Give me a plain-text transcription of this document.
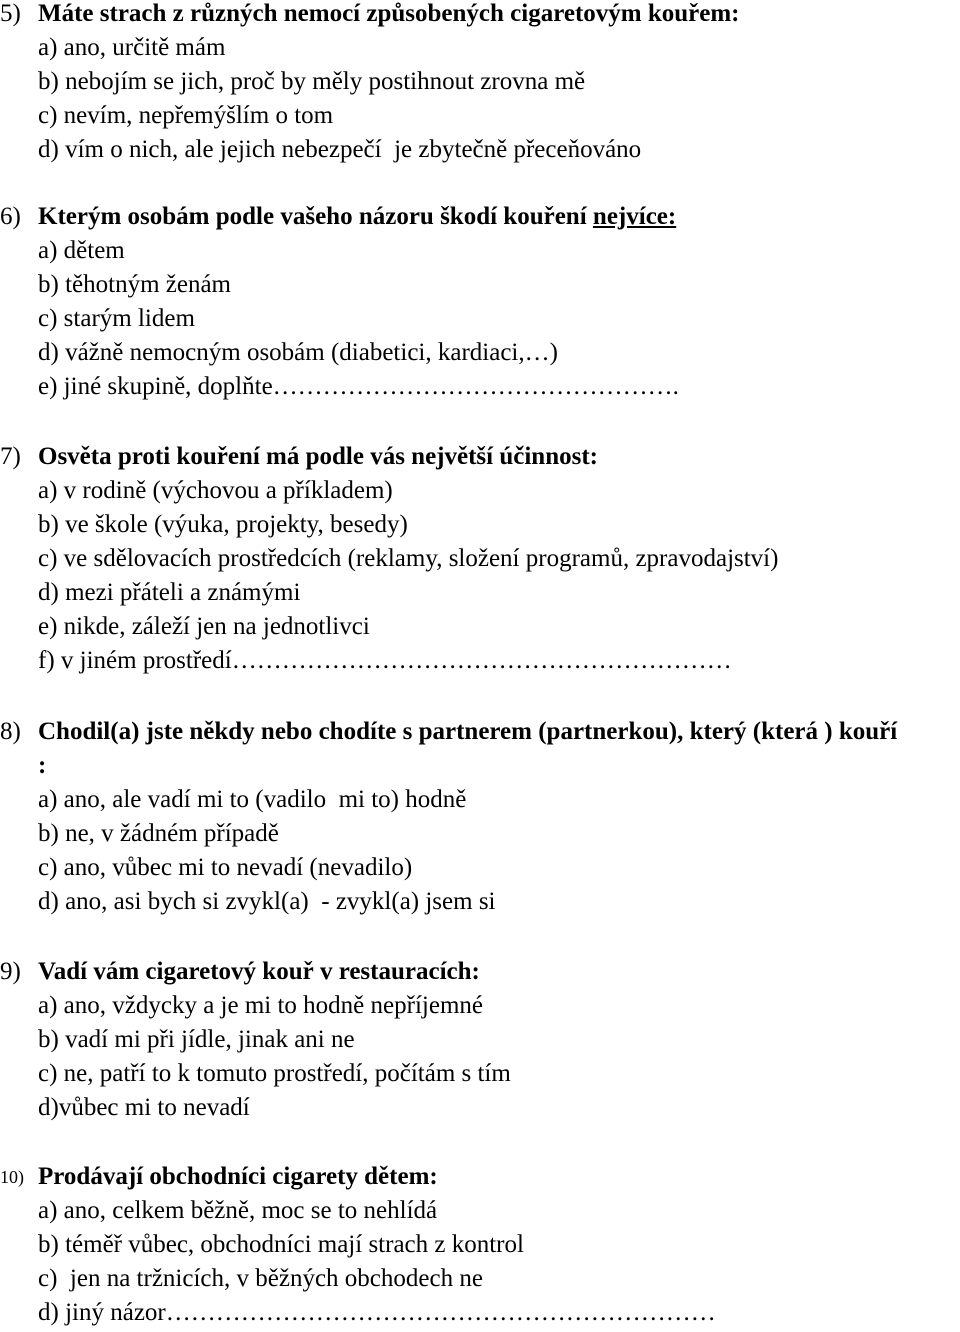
5) Máte strach z různých nemocí způsobených cigaretovým kouřem:
a) ano, určitě mám
b) nebojím se jich, proč by měly postihnout zrovna mě
c) nevím, nepřemýšlím o tom
d) vím o nich, ale jejich nebezpečí  je zbytečně přeceňováno
6) Kterým osobám podle vašeho názoru škodí kouření nejvíce:
a) dětem
b) těhotným ženám
c) starým lidem
d) vážně nemocným osobám (diabetici, kardiaci,…)
e) jiné skupině, doplňte………………………………………….
7) Osvěta proti kouření má podle vás největší účinnost:
a) v rodině (výchovou a příkladem)
b) ve škole (výuka, projekty, besedy)
c) ve sdělovacích prostředcích (reklamy, složení programů, zpravodajství)
d) mezi přáteli a známými
e) nikde, záleží jen na jednotlivci
f) v jiném prostředí……………………………………………………
8) Chodil(a) jste někdy nebo chodíte s partnerem (partnerkou), který (která ) kouří :
a) ano, ale vadí mi to (vadilo  mi to) hodně
b) ne, v žádném případě
c) ano, vůbec mi to nevadí (nevadilo)
d) ano, asi bych si zvykl(a)  - zvykl(a) jsem si
9) Vadí vám cigaretový kouř v restauracích:
a) ano, vždycky a je mi to hodně nepříjemné
b) vadí mi při jídle, jinak ani ne
c) ne, patří to k tomuto prostředí, počítám s tím
d)vůbec mi to nevadí
10) Prodávají obchodníci cigarety dětem:
a) ano, celkem běžně, moc se to nehlídá
b) téměř vůbec, obchodníci mají strach z kontrol
c)  jen na tržnicích, v běžných obchodech ne
d) jiný názor…………………………………………………………
